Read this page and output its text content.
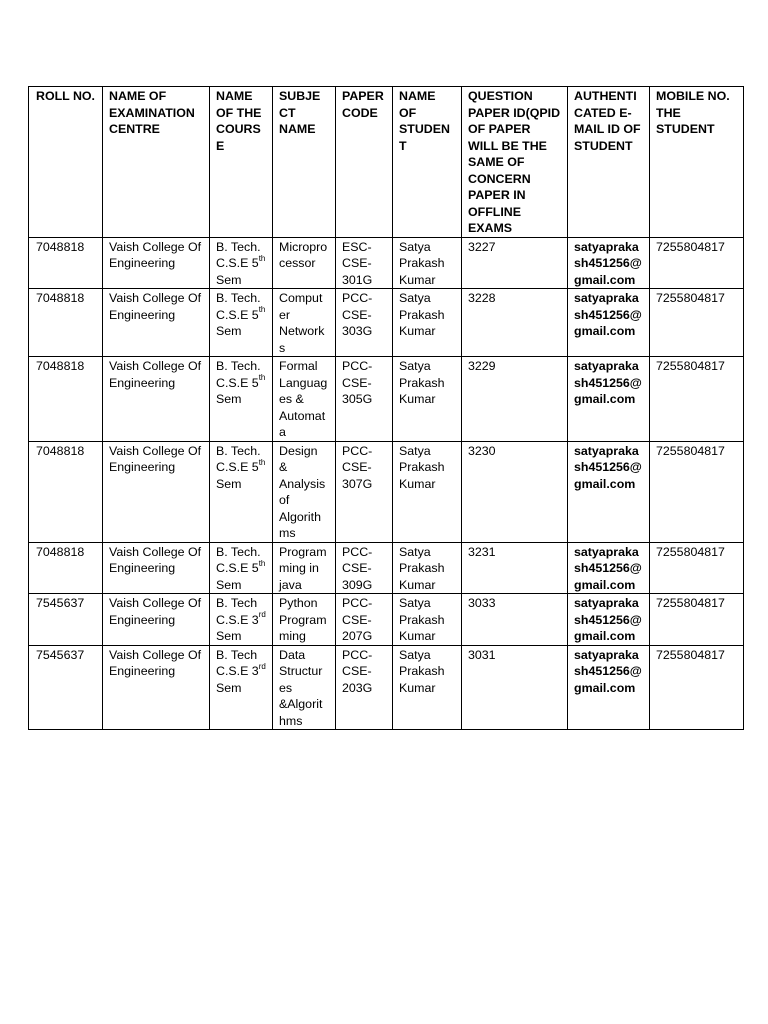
ROLL NO.	NAME OF EXAMINATION CENTRE	NAME OF THE COURSE	SUBJECT NAME	PAPER CODE	NAME OF STUDENT	QUESTION PAPER ID(QPID OF PAPER WILL BE THE SAME OF CONCERN PAPER IN OFFLINE EXAMS	AUTHENTICATED E-MAIL ID OF STUDENT	MOBILE NO. THE STUDENT
7048818	Vaish College Of Engineering	B. Tech. C.S.E 5th Sem	Microprocessor	ESC-CSE-301G	Satya Prakash Kumar	3227	satyaprakash451256@gmail.com	7255804817
7048818	Vaish College Of Engineering	B. Tech. C.S.E 5th Sem	Computer Networks	PCC-CSE-303G	Satya Prakash Kumar	3228	satyaprakash451256@gmail.com	7255804817
7048818	Vaish College Of Engineering	B. Tech. C.S.E 5th Sem	Formal Languages & Automata	PCC-CSE-305G	Satya Prakash Kumar	3229	satyaprakash451256@gmail.com	7255804817
7048818	Vaish College Of Engineering	B. Tech. C.S.E 5th Sem	Design & Analysis of Algorithms	PCC-CSE-307G	Satya Prakash Kumar	3230	satyaprakash451256@gmail.com	7255804817
7048818	Vaish College Of Engineering	B. Tech. C.S.E 5th Sem	Programming in java	PCC-CSE-309G	Satya Prakash Kumar	3231	satyaprakash451256@gmail.com	7255804817
7545637	Vaish College Of Engineering	B. Tech C.S.E 3rd Sem	Python Programming	PCC-CSE-207G	Satya Prakash Kumar	3033	satyaprakash451256@gmail.com	7255804817
7545637	Vaish College Of Engineering	B. Tech C.S.E 3rd Sem	Data Structures &Algorithms	PCC-CSE-203G	Satya Prakash Kumar	3031	satyaprakash451256@gmail.com	7255804817
